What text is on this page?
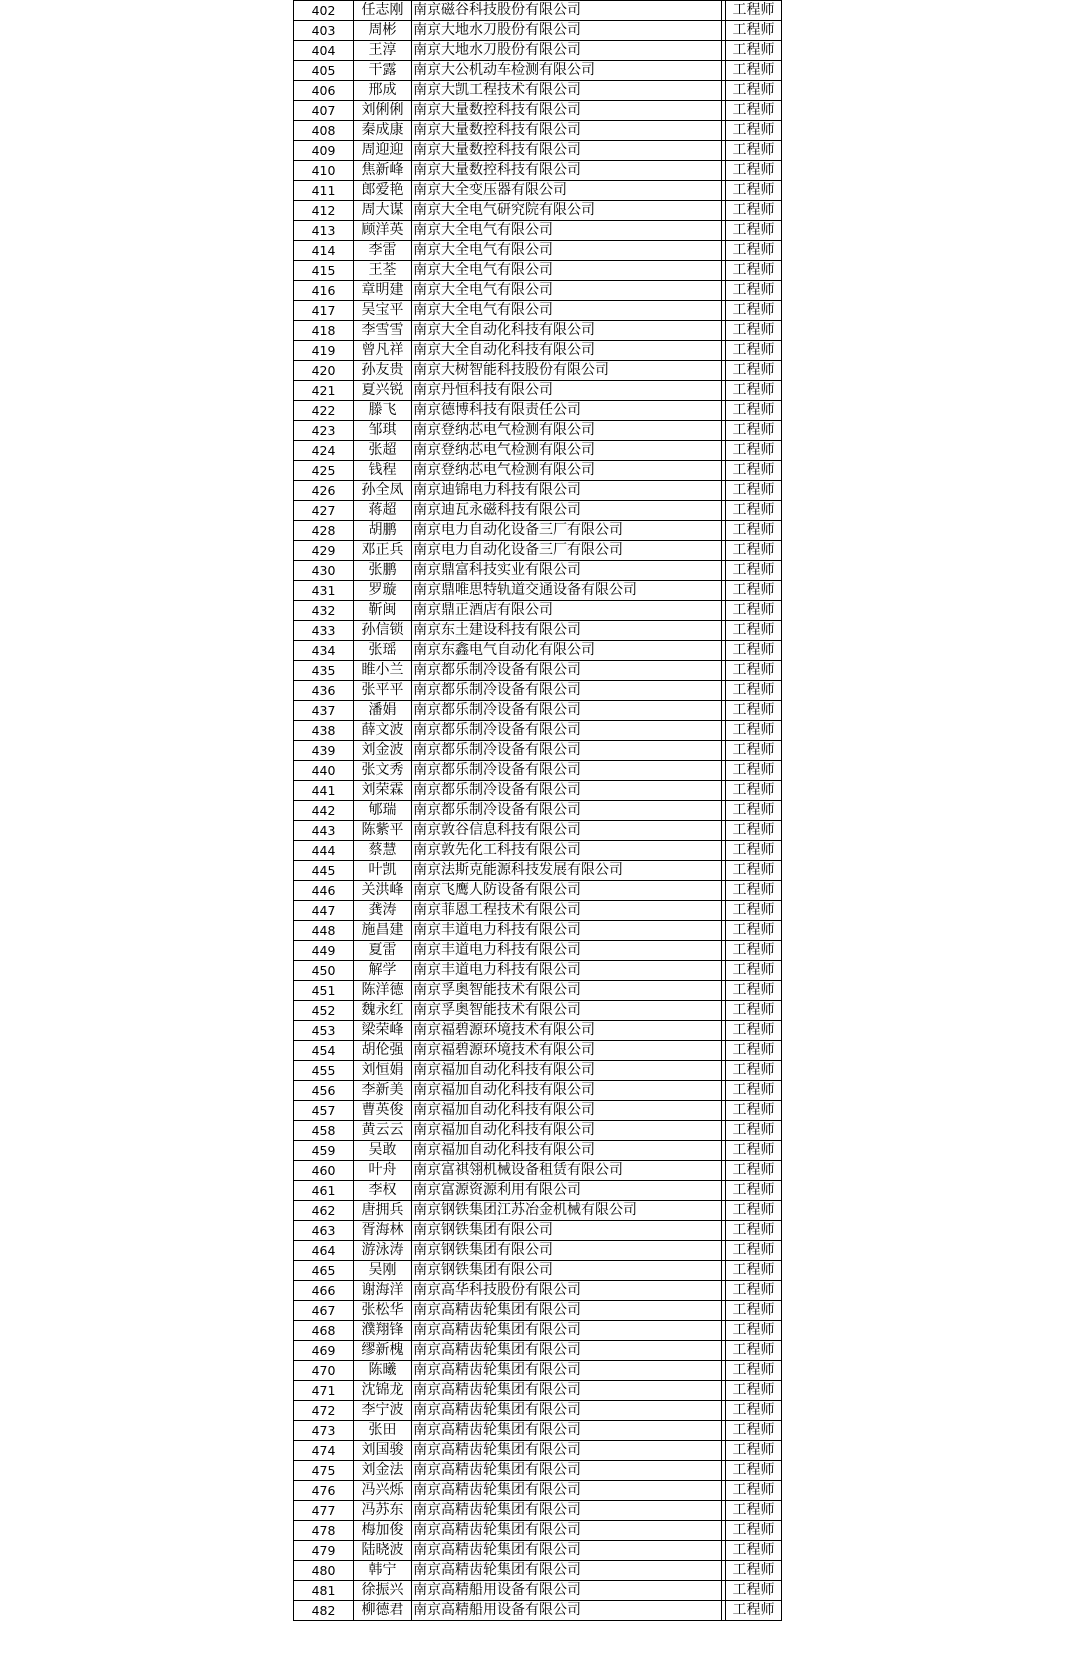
402	任志刚	南京磁谷科技股份有限公司		工程师
403	周彬	南京大地水刀股份有限公司		工程师
404	王淳	南京大地水刀股份有限公司		工程师
405	干露	南京大公机动车检测有限公司		工程师
406	邢成	南京大凯工程技术有限公司		工程师
407	刘俐俐	南京大量数控科技有限公司		工程师
408	秦成康	南京大量数控科技有限公司		工程师
409	周迎迎	南京大量数控科技有限公司		工程师
410	焦新峰	南京大量数控科技有限公司		工程师
411	郎爱艳	南京大全变压器有限公司		工程师
412	周大谋	南京大全电气研究院有限公司		工程师
413	顾洋英	南京大全电气有限公司		工程师
414	李雷	南京大全电气有限公司		工程师
415	王荃	南京大全电气有限公司		工程师
416	章明建	南京大全电气有限公司		工程师
417	吴宝平	南京大全电气有限公司		工程师
418	李雪雪	南京大全自动化科技有限公司		工程师
419	曾凡祥	南京大全自动化科技有限公司		工程师
420	孙友贵	南京大树智能科技股份有限公司		工程师
421	夏兴锐	南京丹恒科技有限公司		工程师
422	滕飞	南京德博科技有限责任公司		工程师
423	邹琪	南京登纳芯电气检测有限公司		工程师
424	张超	南京登纳芯电气检测有限公司		工程师
425	钱程	南京登纳芯电气检测有限公司		工程师
426	孙全凤	南京迪锦电力科技有限公司		工程师
427	蒋超	南京迪瓦永磁科技有限公司		工程师
428	胡鹏	南京电力自动化设备三厂有限公司		工程师
429	邓正兵	南京电力自动化设备三厂有限公司		工程师
430	张鹏	南京鼎富科技实业有限公司		工程师
431	罗璇	南京鼎唯思特轨道交通设备有限公司		工程师
432	靳闽	南京鼎正酒店有限公司		工程师
433	孙信锁	南京东土建设科技有限公司		工程师
434	张瑶	南京东鑫电气自动化有限公司		工程师
435	睢小兰	南京都乐制冷设备有限公司		工程师
436	张平平	南京都乐制冷设备有限公司		工程师
437	潘娟	南京都乐制冷设备有限公司		工程师
438	薛文波	南京都乐制冷设备有限公司		工程师
439	刘金波	南京都乐制冷设备有限公司		工程师
440	张文秀	南京都乐制冷设备有限公司		工程师
441	刘荣霖	南京都乐制冷设备有限公司		工程师
442	郇瑞	南京都乐制冷设备有限公司		工程师
443	陈紫平	南京敦谷信息科技有限公司		工程师
444	蔡慧	南京敦先化工科技有限公司		工程师
445	叶凯	南京法斯克能源科技发展有限公司		工程师
446	关洪峰	南京飞鹰人防设备有限公司		工程师
447	龚涛	南京菲恩工程技术有限公司		工程师
448	施昌建	南京丰道电力科技有限公司		工程师
449	夏雷	南京丰道电力科技有限公司		工程师
450	解学	南京丰道电力科技有限公司		工程师
451	陈洋德	南京孚奥智能技术有限公司		工程师
452	魏永红	南京孚奥智能技术有限公司		工程师
453	梁荣峰	南京福碧源环境技术有限公司		工程师
454	胡伦强	南京福碧源环境技术有限公司		工程师
455	刘恒娟	南京福加自动化科技有限公司		工程师
456	李新美	南京福加自动化科技有限公司		工程师
457	曹英俊	南京福加自动化科技有限公司		工程师
458	黄云云	南京福加自动化科技有限公司		工程师
459	吴敢	南京福加自动化科技有限公司		工程师
460	叶舟	南京富祺翎机械设备租赁有限公司		工程师
461	李权	南京富源资源利用有限公司		工程师
462	唐拥兵	南京钢铁集团江苏冶金机械有限公司		工程师
463	胥海林	南京钢铁集团有限公司		工程师
464	游泳涛	南京钢铁集团有限公司		工程师
465	吴刚	南京钢铁集团有限公司		工程师
466	谢海洋	南京高华科技股份有限公司		工程师
467	张松华	南京高精齿轮集团有限公司		工程师
468	濮翔锋	南京高精齿轮集团有限公司		工程师
469	缪新槐	南京高精齿轮集团有限公司		工程师
470	陈曦	南京高精齿轮集团有限公司		工程师
471	沈锦龙	南京高精齿轮集团有限公司		工程师
472	李宁波	南京高精齿轮集团有限公司		工程师
473	张田	南京高精齿轮集团有限公司		工程师
474	刘国骏	南京高精齿轮集团有限公司		工程师
475	刘金法	南京高精齿轮集团有限公司		工程师
476	冯兴烁	南京高精齿轮集团有限公司		工程师
477	冯苏东	南京高精齿轮集团有限公司		工程师
478	梅加俊	南京高精齿轮集团有限公司		工程师
479	陆晓波	南京高精齿轮集团有限公司		工程师
480	韩宁	南京高精齿轮集团有限公司		工程师
481	徐振兴	南京高精船用设备有限公司		工程师
482	柳德君	南京高精船用设备有限公司		工程师
